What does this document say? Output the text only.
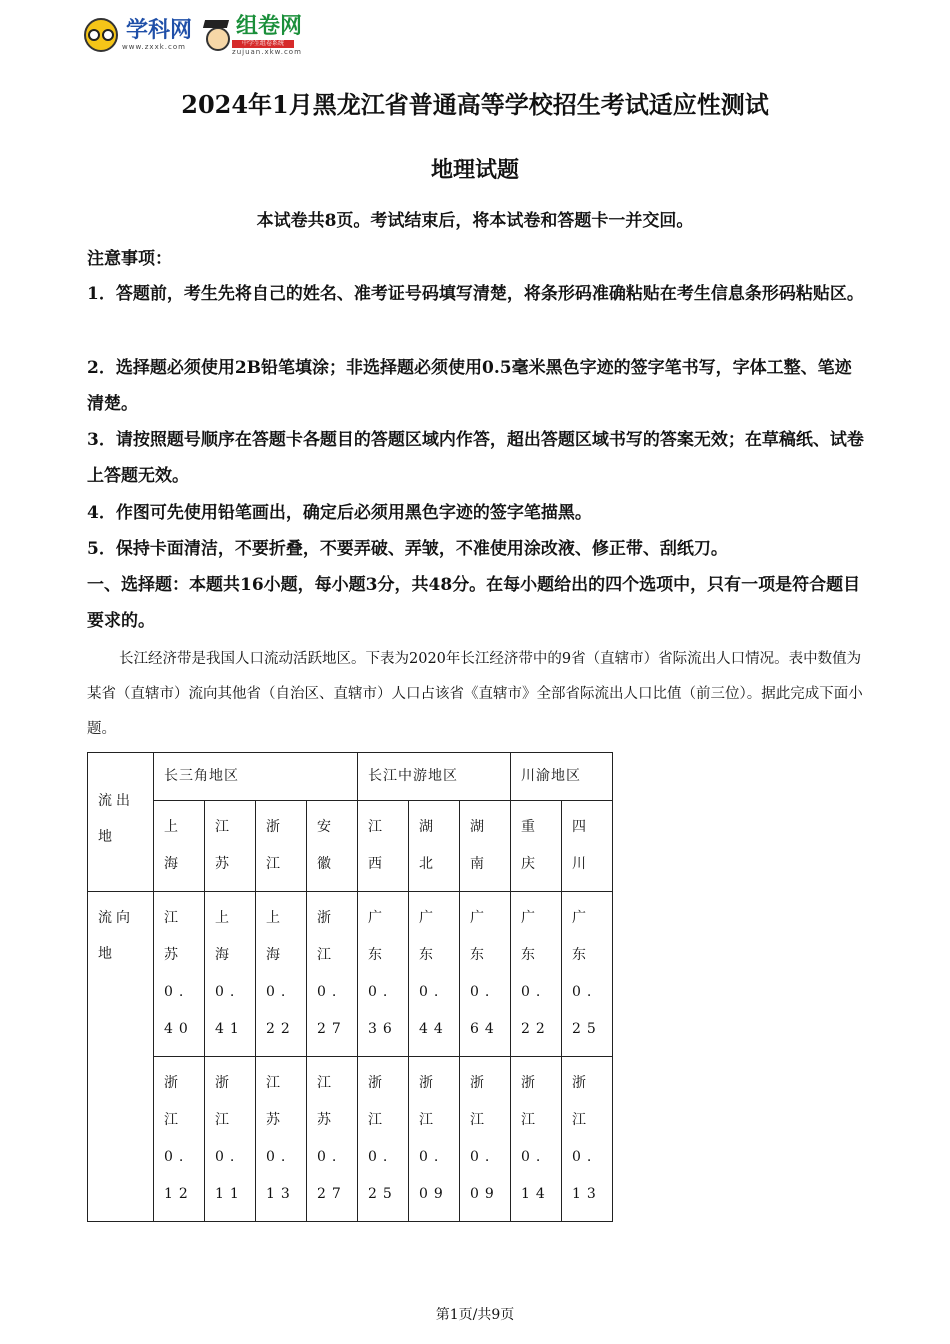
学科网
www.zxxk.com
组卷网
中学生组卷系统
zujuan.xkw.com
2024年1月黑龙江省普通高等学校招生考试适应性测试
地理试题
本试卷共8页。考试结束后，将本试卷和答题卡一并交回。
注意事项：
1．答题前，考生先将自己的姓名、准考证号码填写清楚，将条形码准确粘贴在考生信息条形码粘贴区。
2．选择题必须使用2B铅笔填涂；非选择题必须使用0.5毫米黑色字迹的签字笔书写，字体工整、笔迹清楚。
3．请按照题号顺序在答题卡各题目的答题区域内作答，超出答题区域书写的答案无效；在草稿纸、试卷上答题无效。
4．作图可先使用铅笔画出，确定后必须用黑色字迹的签字笔描黑。
5．保持卡面清洁，不要折叠，不要弄破、弄皱，不准使用涂改液、修正带、刮纸刀。
一、选择题：本题共16小题，每小题3分，共48分。在每小题给出的四个选项中，只有一项是符合题目要求的。
长江经济带是我国人口流动活跃地区。下表为2020年长江经济带中的9省（直辖市）省际流出人口情况。表中数值为某省（直辖市）流向其他省（自治区、直辖市）人口占该省《直辖市》全部省际流出人口比值（前三位）。据此完成下面小题。
流出地	长三角地区				长江中游地区			川渝地区	

	上海	江苏	浙江	安徽	江西	湖北	湖南	重庆	四川

流向地	江苏0.40	上海0.41	上海0.22	浙江0.27	广东0.36	广东0.44	广东0.64	广东0.22	广东0.25

	浙江0.12	浙江0.11	江苏0.13	江苏0.27	浙江0.25	浙江0.09	浙江0.09	浙江0.14	浙江0.13
第1页/共9页
